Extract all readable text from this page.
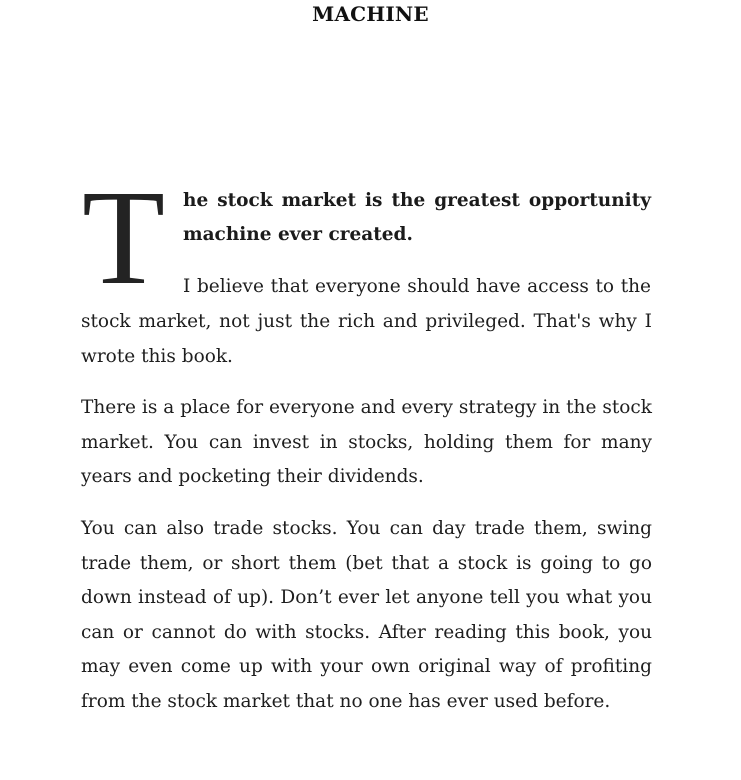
MACHINE
T he stock market is the greatest opportunity machine ever created.
I believe that everyone should have access to the
stock market, not just the rich and privileged. That's why I wrote this book.
There is a place for everyone and every strategy in the stock market. You can invest in stocks, holding them for many years and pocketing their dividends.
You can also trade stocks. You can day trade them, swing trade them, or short them (bet that a stock is going to go down instead of up). Don’t ever let anyone tell you what you can or cannot do with stocks. After reading this book, you may even come up with your own original way of profiting from the stock market that no one has ever used before.
